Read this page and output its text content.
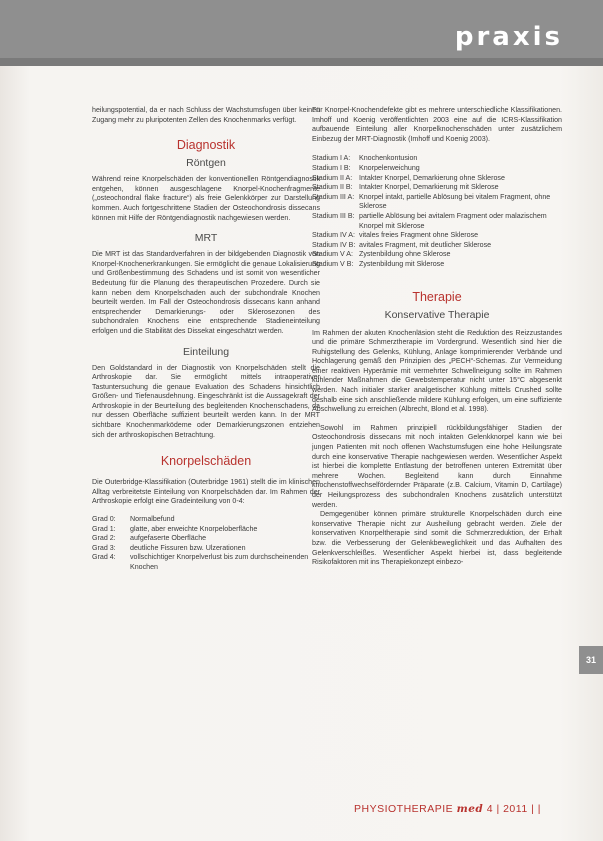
praxis

heilungspotential, da er nach Schluss der Wachstumsfugen über keinen Zugang mehr zu pluripotenten Zellen des Knochenmarks verfügt.

Diagnostik
Röntgen

Während reine Knorpelschäden der konventionellen Röntgendiagnostik entgehen, können ausgeschlagene Knorpel-Knochenfragmente („osteochondral flake fracture“) als freie Gelenkkörper zur Darstellung kommen. Auch fortgeschrittene Stadien der Osteochondrosis dissecans können mit Hilfe der Röntgendiagnostik nachgewiesen werden.

MRT

Die MRT ist das Standardverfahren in der bildgebenden Diagnostik von Knorpel-Knochenerkrankungen. Sie ermöglicht die genaue Lokalisierung und Größenbestimmung des Schadens und ist somit von wesentlicher Bedeutung für die Planung des therapeutischen Prozedere. Durch sie kann neben dem Knorpelschaden auch der subchondrale Knochen beurteilt werden. Im Fall der Osteochondrosis dissecans kann anhand entsprechender Demarkierungs- oder Sklerosezonen des subchondralen Knochens eine entsprechende Stadieneinteilung erfolgen und die Stabilität des Dissekat eingeschätzt werden.

Einteilung

Den Goldstandard in der Diagnostik von Knorpelschäden stellt die Arthroskopie dar. Sie ermöglicht mittels intraoperativer Tastuntersuchung die genaue Evaluation des Schadens hinsichtlich Größen- und Tiefenausdehnung. Eingeschränkt ist die Aussagekraft der Arthroskopie in der Beurteilung des begleitenden Knochenschadens, da nur dessen Oberfläche suffizient beurteilt werden kann. In der MRT sichtbare Knochenmarködeme oder Demarkierungszonen entziehen sich der arthroskopischen Betrachtung.

Knorpelschäden

Die Outerbridge-Klassifikation (Outerbridge 1961) stellt die im klinischen Alltag verbreitetste Einteilung von Knorpelschäden dar. Im Rahmen der Arthroskopie erfolgt eine Gradeinteilung von 0-4:

Grad 0:	Normalbefund
Grad 1:	glatte, aber erweichte Knorpeloberfläche
Grad 2:	aufgefaserte Oberfläche
Grad 3:	deutliche Fissuren bzw. Ulzerationen
Grad 4:	vollschichtiger Knorpelverlust bis zum durchscheinenden Knochen

Für Knorpel-Knochendefekte gibt es mehrere unterschiedliche Klassifikationen. Imhoff und Koenig veröffentlichten 2003 eine auf die ICRS-Klassifikation aufbauende Einteilung aller Knorpelknochenschäden unter zusätzlichem Einbezug der MRT-Diagnostik (Imhoff und Koenig 2003).

Stadium I A:	Knochenkontusion
Stadium I B:	Knorpelerweichung
Stadium II A:	Intakter Knorpel, Demarkierung ohne Sklerose
Stadium II B:	Intakter Knorpel, Demarkierung mit Sklerose
Stadium III A:	Knorpel intakt, partielle Ablösung bei vitalem Fragment, ohne Sklerose
Stadium III B:	partielle Ablösung bei avitalem Fragment oder malazischem Knorpel mit Sklerose
Stadium IV A:	vitales freies Fragment ohne Sklerose
Stadium IV B:	avitales Fragment, mit deutlicher Sklerose
Stadium V A:	Zystenbildung ohne Sklerose
Stadium V B:	Zystenbildung mit Sklerose
Therapie
Konservative Therapie

Im Rahmen der akuten Knochenläsion steht die Reduktion des Reizzustandes und die primäre Schmerztherapie im Vordergrund. Wesentlich sind hier die Ruhigstellung des Gelenks, Kühlung, Anlage komprimierender Verbände und Hochlagerung gemäß den Prinzipien des „PECH“-Schemas. Zur Vermeidung einer reaktiven Hyperämie mit vermehrter Schwellneigung sollte im Rahmen kühlender Maßnahmen die Gewebstemperatur nicht unter 15°C abgesenkt werden. Nach initialer starker analgetischer Kühlung mittels Crushed sollte deshalb eine sich anschließende mildere Kühlung erfolgen, um eine suffiziente Abschwellung zu erreichen (Albrecht, Blond et al. 1998).

Sowohl im Rahmen prinzipiell rückbildungsfähiger Stadien der Osteochondrosis dissecans mit noch intakten Gelenkknorpel kann wie bei jungen Patienten mit noch offenen Wachstumsfugen eine hohe Heilungsrate durch eine konservative Therapie nachgewiesen werden. Wesentlicher Aspekt ist hierbei die komplette Entlastung der betroffenen unteren Extremität über mehrere Wochen. Begleitend kann durch Einnahme knochenstoffwechselfördernder Präparate (z.B. Calcium, Vitamin D, Cartilage) der Heilungsprozess des subchondralen Knochens zusätzlich unterstützt werden.

Demgegenüber können primäre strukturelle Knorpelschäden durch eine konservative Therapie nicht zur Ausheilung gebracht werden. Ziele der konservativen Knorpeltherapie sind somit die Schmerzreduktion, der Erhalt bzw. die Verbesserung der Gelenkbeweglichkeit und das Aufhalten des Gelenkverschleißes. Wesentlicher Aspekt hierbei ist, dass begleitende Risikofaktoren mit ins Therapiekonzept einbezo-

31
PHYSIOTHERAPIE med 4 | 2011 | |
